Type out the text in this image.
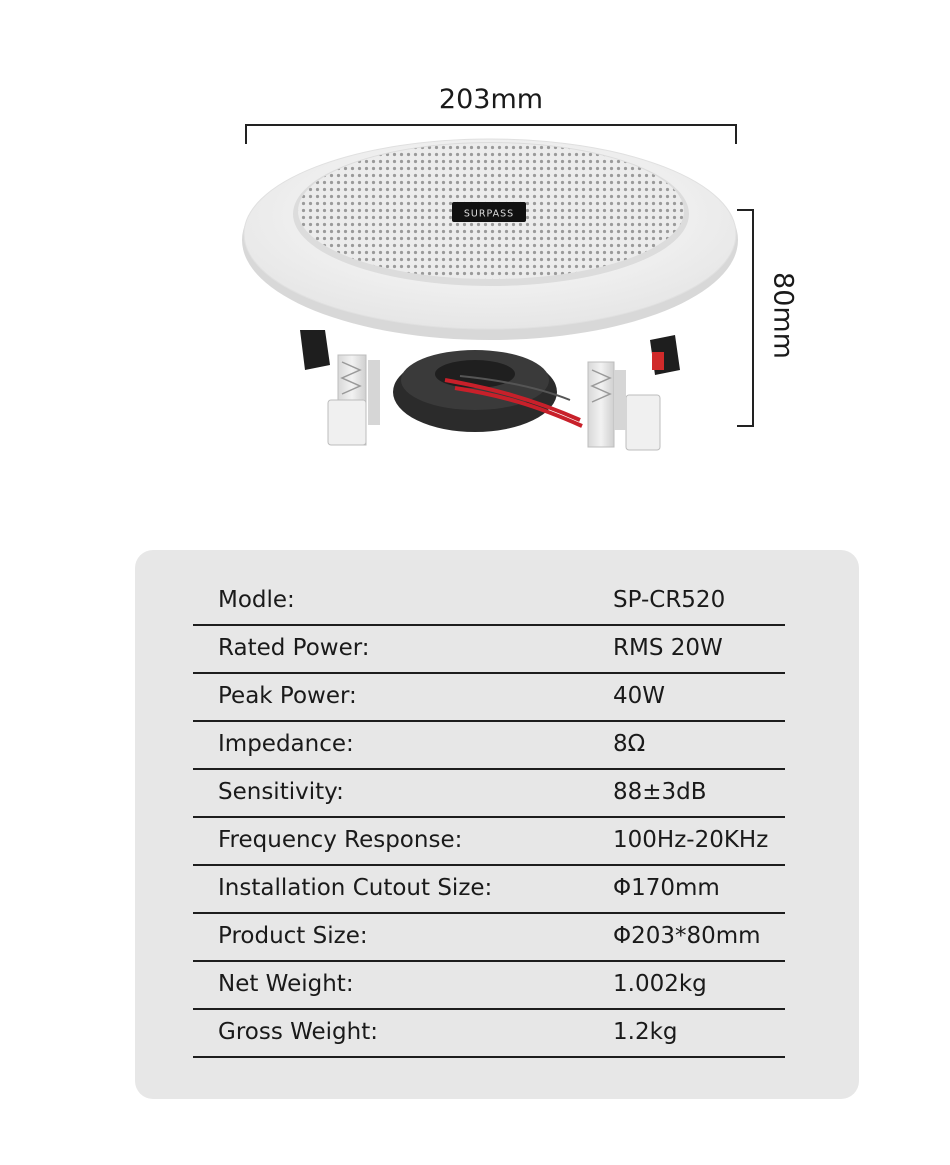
203mm
80mm
SURPASS
Modle:	SP-CR520
Rated Power:	RMS 20W
Peak Power:	40W
Impedance:	8Ω
Sensitivity:	88±3dB
Frequency Response:	100Hz-20KHz
Installation Cutout Size:	Φ170mm
Product Size:	Φ203*80mm
Net Weight:	1.002kg
Gross Weight:	1.2kg
